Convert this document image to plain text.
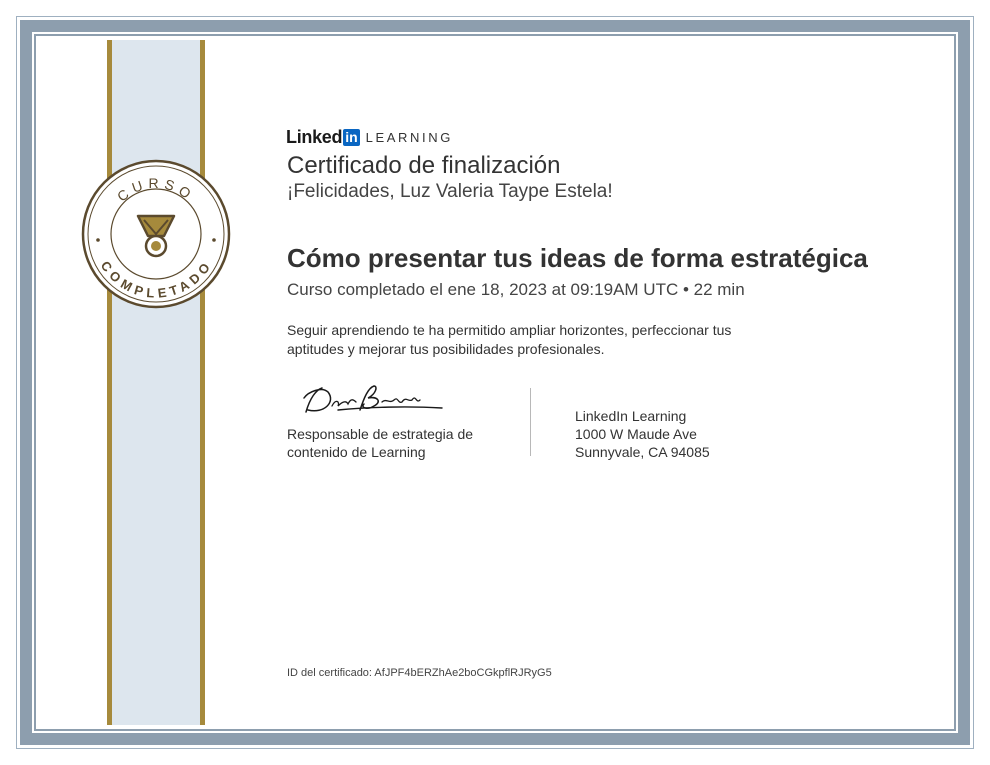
CURSO
COMPLETADO
Linked in LEARNING
Certificado de finalización
¡Felicidades, Luz Valeria Taype Estela!
Cómo presentar tus ideas de forma estratégica
Curso completado el ene 18, 2023 at 09:19AM UTC • 22 min
Seguir aprendiendo te ha permitido ampliar horizontes, perfeccionar tus
aptitudes y mejorar tus posibilidades profesionales.
Responsable de estrategia de
contenido de Learning
LinkedIn Learning
1000 W Maude Ave
Sunnyvale, CA 94085
ID del certificado: AfJPF4bERZhAe2boCGkpflRJRyG5
